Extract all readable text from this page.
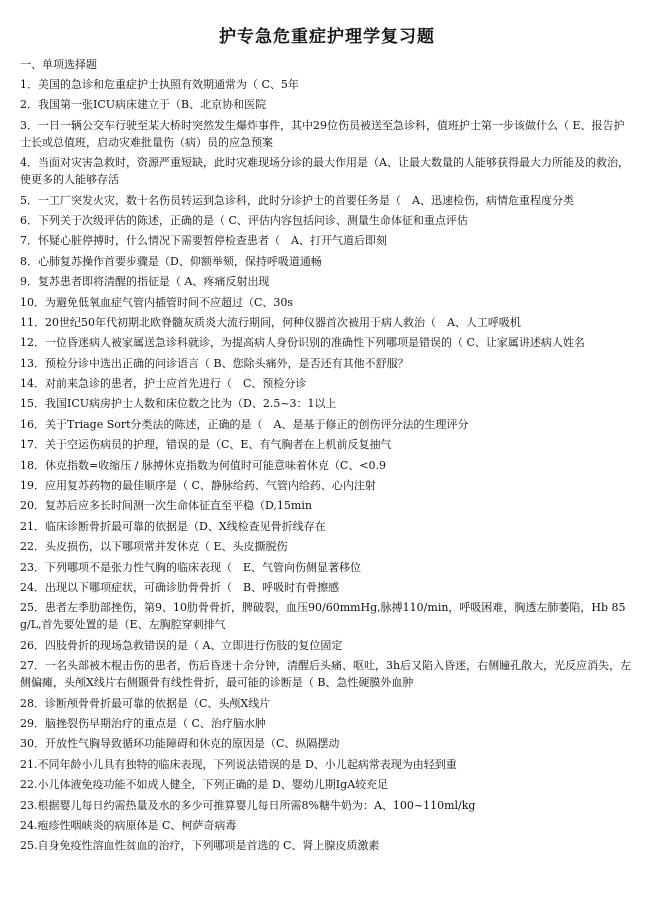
护专急危重症护理学复习题
一、单项选择题
1．美国的急诊和危重症护士执照有效期通常为（ C、5年
2．我国第一张ICU病床建立于（B、北京协和医院
3．一日一辆公交车行驶至某大桥时突然发生爆炸事件，其中29位伤员被送至急诊科，值班护士第一步该做什么（ E、报告护士长或总值班，启动灾难批量伤（病）员的应急预案
4．当面对灾害急救时，资源严重短缺，此时灾难现场分诊的最大作用是（A、让最大数量的人能够获得最大力所能及的救治，使更多的人能够存活
5．一工厂突发火灾，数十名伤员转运到急诊科，此时分诊护士的首要任务是（　A、迅速检伤，病情危重程度分类
6．下列关于次级评估的陈述，正确的是（ C、评估内容包括问诊、测量生命体征和重点评估
7．怀疑心脏停搏时，什么情况下需要暂停检查患者（　A、打开气道后即刻
8．心肺复苏操作首要步骤是（D、仰额举颏，保持呼吸道通畅
9．复苏患者即将清醒的指征是（ A、疼痛反射出现
10．为避免低氧血症气管内插管时间不应超过（C、30s
11．20世纪50年代初期北欧脊髓灰质炎大流行期间，何种仪器首次被用于病人救治（　A、人工呼吸机
12．一位昏迷病人被家属送急诊科就诊，为提高病人身份识别的准确性下列哪项是错误的（ C、让家属讲述病人姓名
13．预检分诊中选出正确的问诊语言（ B、您除头痛外，是否还有其他不舒服？
14．对前来急诊的患者，护士应首先进行（　C、预检分诊
15．我国ICU病房护士人数和床位数之比为（D、2.5~3：1以上
16．关于Triage Sort分类法的陈述，正确的是（　A、是基于修正的创伤评分法的生理评分
17．关于空运伤病员的护理，错误的是（C、E、有气胸者在上机前反复抽气
18．休克指数=收缩压 / 脉搏休克指数为何值时可能意味着休克（C、<0.9
19．应用复苏药物的最佳顺序是（ C、静脉给药、气管内给药、心内注射
20．复苏后应多长时间测一次生命体征直至平稳（D,15min
21．临床诊断骨折最可靠的依据是（D、X线检查见骨折线存在
22．头皮损伤，以下哪项常并发休克（ E、头皮撕脱伤
23．下列哪项不是张力性气胸的临床表现（　E、气管向伤侧显著移位
24．出现以下哪项症状，可确诊肋骨骨折（　B、呼吸时有骨擦感
25．患者左季肋部挫伤，第9、10肋骨骨折，脾破裂，血压90/60mmHg,脉搏110/min，呼吸困难，胸透左肺萎陷，Hb 85g/L,首先要处置的是（E、左胸腔穿刺排气
26．四肢骨折的现场急救错误的是（ A、立即进行伤肢的复位固定
27．一名头部被木棍击伤的患者，伤后昏迷十余分钟，清醒后头痛、呕吐，3h后又陷入昏迷，右侧瞳孔散大，光反应消失，左侧偏瘫，头颅X线片右侧颞骨有线性骨折，最可能的诊断是（ B、急性硬膜外血肿
28．诊断颅骨骨折最可靠的依据是（C、头颅X线片
29．脑挫裂伤早期治疗的重点是（ C、治疗脑水肿
30．开放性气胸导致循环功能障碍和休克的原因是（C、纵隔摆动
21.不同年龄小儿具有独特的临床表现，下列说法错误的是 D、小儿起病常表现为由轻到重
22.小儿体液免疫功能不如成人健全，下列正确的是 D、婴幼儿期IgA较充足
23.根据婴儿每日约需热量及水的多少可推算婴儿每日所需8%糖牛奶为：A、100~110ml/kg
24.疱疹性咽峡炎的病原体是 C、柯萨奇病毒
25.自身免疫性溶血性贫血的治疗，下列哪项是首选的 C、肾上腺皮质激素
